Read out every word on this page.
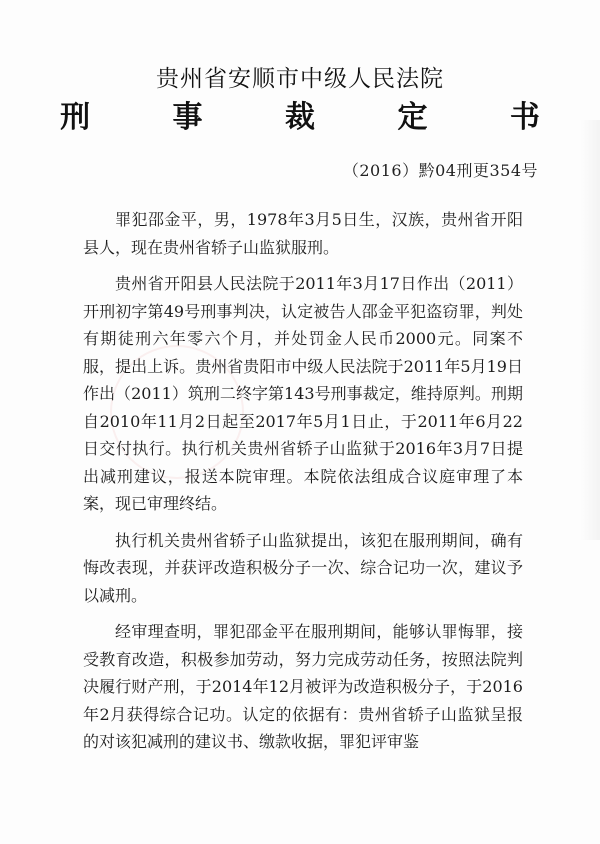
贵州省安顺市中级人民法院
刑 事 裁 定 书
（2016）黔04刑更354号

罪犯邵金平，男，1978年3月5日生，汉族，贵州省开阳县人，现在贵州省轿子山监狱服刑。

贵州省开阳县人民法院于2011年3月17日作出（2011）开刑初字第49号刑事判决，认定被告人邵金平犯盗窃罪，判处有期徒刑六年零六个月，并处罚金人民币2000元。同案不服，提出上诉。贵州省贵阳市中级人民法院于2011年5月19日作出（2011）筑刑二终字第143号刑事裁定，维持原判。刑期自2010年11月2日起至2017年5月1日止，于2011年6月22日交付执行。执行机关贵州省轿子山监狱于2016年3月7日提出减刑建议，报送本院审理。本院依法组成合议庭审理了本案，现已审理终结。

执行机关贵州省轿子山监狱提出，该犯在服刑期间，确有悔改表现，并获评改造积极分子一次、综合记功一次，建议予以减刑。

经审理查明，罪犯邵金平在服刑期间，能够认罪悔罪，接受教育改造，积极参加劳动，努力完成劳动任务，按照法院判决履行财产刑，于2014年12月被评为改造积极分子，于2016年2月获得综合记功。认定的依据有：贵州省轿子山监狱呈报的对该犯减刑的建议书、缴款收据，罪犯评审鉴
